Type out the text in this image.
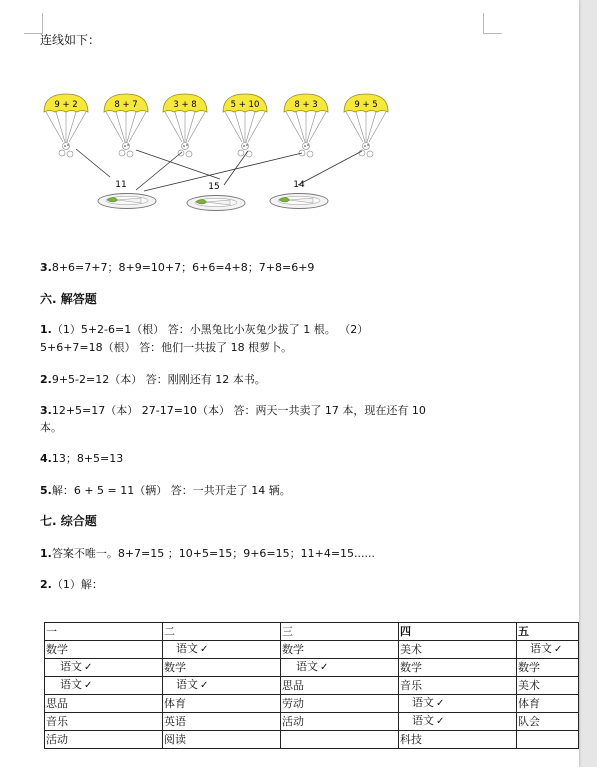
连线如下：
9 + 2	8 + 7	3 + 8	5 + 10	8 + 3	9 + 5
11	15	14
3.8+6=7+7；8+9=10+7；6+6=4+8；7+8=6+9
六. 解答题
1.（1）5+2-6=1（根） 答：小黑兔比小灰兔少拔了 1 根。 （2）
5+6+7=18（根） 答：他们一共拔了 18 根萝卜。
2.9+5-2=12（本） 答：刚刚还有 12 本书。
3.12+5=17（本） 27-17=10（本） 答：两天一共卖了 17 本，现在还有 10
本。
4.13；8+5=13
5.解：6 + 5 = 11（辆） 答：一共开走了 14 辆。
七. 综合题
1.答案不唯一。8+7=15 ；10+5=15；9+6=15；11+4=15......
2.（1）解：
一	二	三	四	五
数学	语文 ✓	数学	美术	语文 ✓
语文 ✓	数学	语文 ✓	数学	数学
语文 ✓	语文 ✓	思品	音乐	美术
思品	体育	劳动	语文 ✓	体育
音乐	英语	活动	语文 ✓	队会
活动	阅读		科技	
